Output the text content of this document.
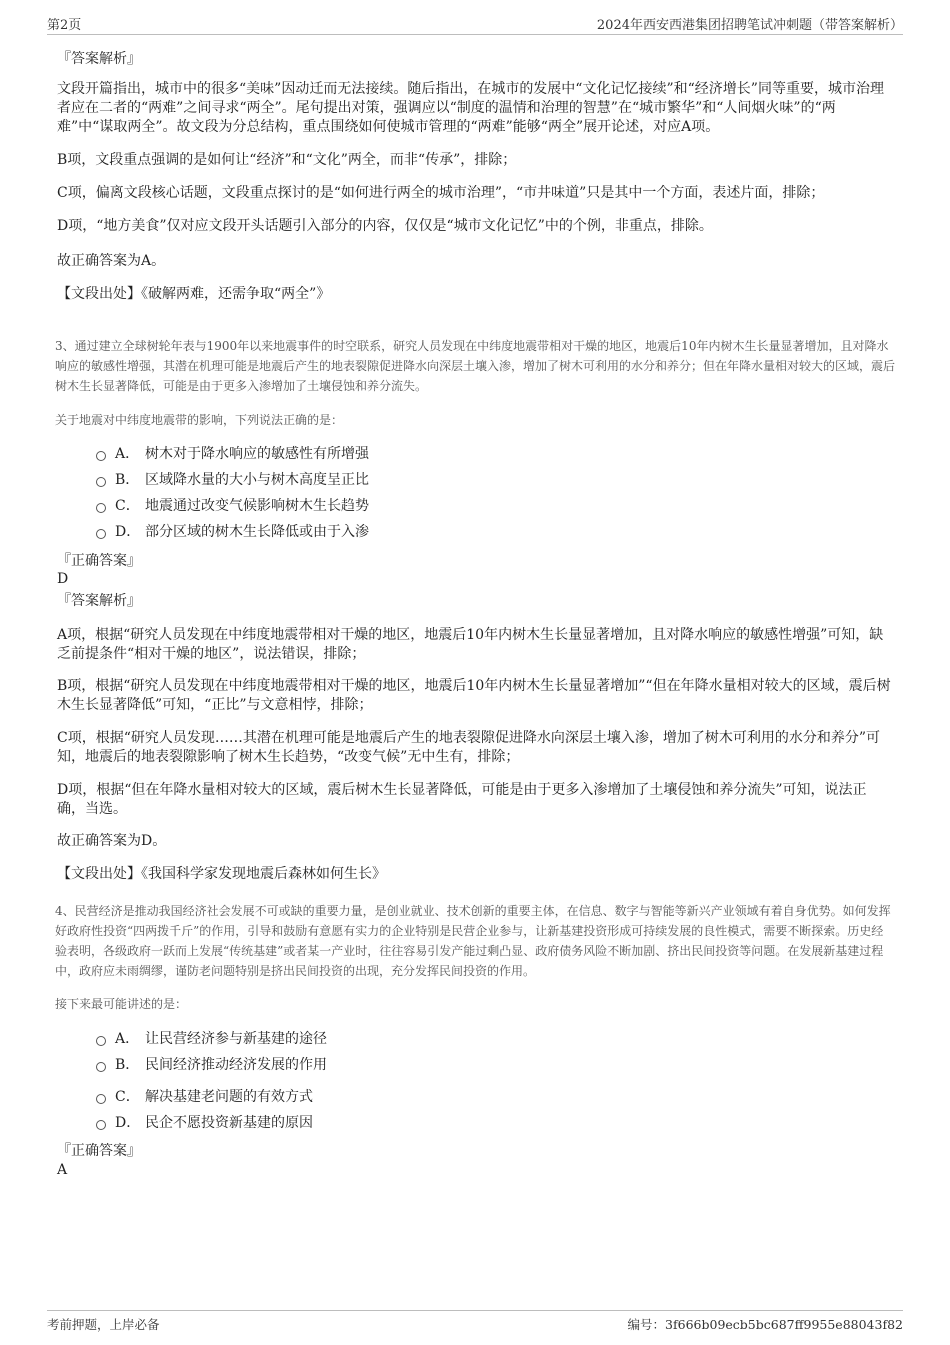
第2页	2024年西安西港集团招聘笔试冲刺题（带答案解析）
『答案解析』
文段开篇指出，城市中的很多“美味”因动迁而无法接续。随后指出，在城市的发展中“文化记忆接续”和“经济增长”同等重要，城市治理者应在二者的“两难”之间寻求“两全”。尾句提出对策，强调应以“制度的温情和治理的智慧”在“城市繁华”和“人间烟火味”的“两难”中“谋取两全”。故文段为分总结构，重点围绕如何使城市管理的“两难”能够“两全”展开论述，对应A项。
B项，文段重点强调的是如何让“经济”和“文化”两全，而非“传承”，排除；
C项，偏离文段核心话题，文段重点探讨的是“如何进行两全的城市治理”，“市井味道”只是其中一个方面，表述片面，排除；
D项，“地方美食”仅对应文段开头话题引入部分的内容，仅仅是“城市文化记忆”中的个例，非重点，排除。
故正确答案为A。
【文段出处】《破解两难，还需争取“两全”》
3、通过建立全球树轮年表与1900年以来地震事件的时空联系，研究人员发现在中纬度地震带相对干燥的地区，地震后10年内树木生长量显著增加，且对降水响应的敏感性增强，其潜在机理可能是地震后产生的地表裂隙促进降水向深层土壤入渗，增加了树木可利用的水分和养分；但在年降水量相对较大的区域，震后树木生长显著降低，可能是由于更多入渗增加了土壤侵蚀和养分流失。
关于地震对中纬度地震带的影响，下列说法正确的是：
A． 树木对于降水响应的敏感性有所增强
B． 区域降水量的大小与树木高度呈正比
C． 地震通过改变气候影响树木生长趋势
D． 部分区域的树木生长降低或由于入渗
『正确答案』
D
『答案解析』
A项，根据“研究人员发现在中纬度地震带相对干燥的地区，地震后10年内树木生长量显著增加，且对降水响应的敏感性增强”可知，缺乏前提条件“相对干燥的地区”，说法错误，排除；
B项，根据“研究人员发现在中纬度地震带相对干燥的地区，地震后10年内树木生长量显著增加”“但在年降水量相对较大的区域，震后树木生长显著降低”可知，“正比”与文意相悖，排除；
C项，根据“研究人员发现……其潜在机理可能是地震后产生的地表裂隙促进降水向深层土壤入渗，增加了树木可利用的水分和养分”可知，地震后的地表裂隙影响了树木生长趋势，“改变气候”无中生有，排除；
D项，根据“但在年降水量相对较大的区域，震后树木生长显著降低，可能是由于更多入渗增加了土壤侵蚀和养分流失”可知，说法正确，当选。
故正确答案为D。
【文段出处】《我国科学家发现地震后森林如何生长》
4、民营经济是推动我国经济社会发展不可或缺的重要力量，是创业就业、技术创新的重要主体，在信息、数字与智能等新兴产业领域有着自身优势。如何发挥好政府性投资“四两拨千斤”的作用，引导和鼓励有意愿有实力的企业特别是民营企业参与，让新基建投资形成可持续发展的良性模式，需要不断探索。历史经验表明，各级政府一跃而上发展“传统基建”或者某一产业时，往往容易引发产能过剩凸显、政府债务风险不断加剧、挤出民间投资等问题。在发展新基建过程中，政府应未雨绸缪，谨防老问题特别是挤出民间投资的出现，充分发挥民间投资的作用。
接下来最可能讲述的是：
A． 让民营经济参与新基建的途径
B． 民间经济推动经济发展的作用
C． 解决基建老问题的有效方式
D． 民企不愿投资新基建的原因
『正确答案』
A
考前押题，上岸必备	编号：3f666b09ecb5bc687ff9955e88043f82
